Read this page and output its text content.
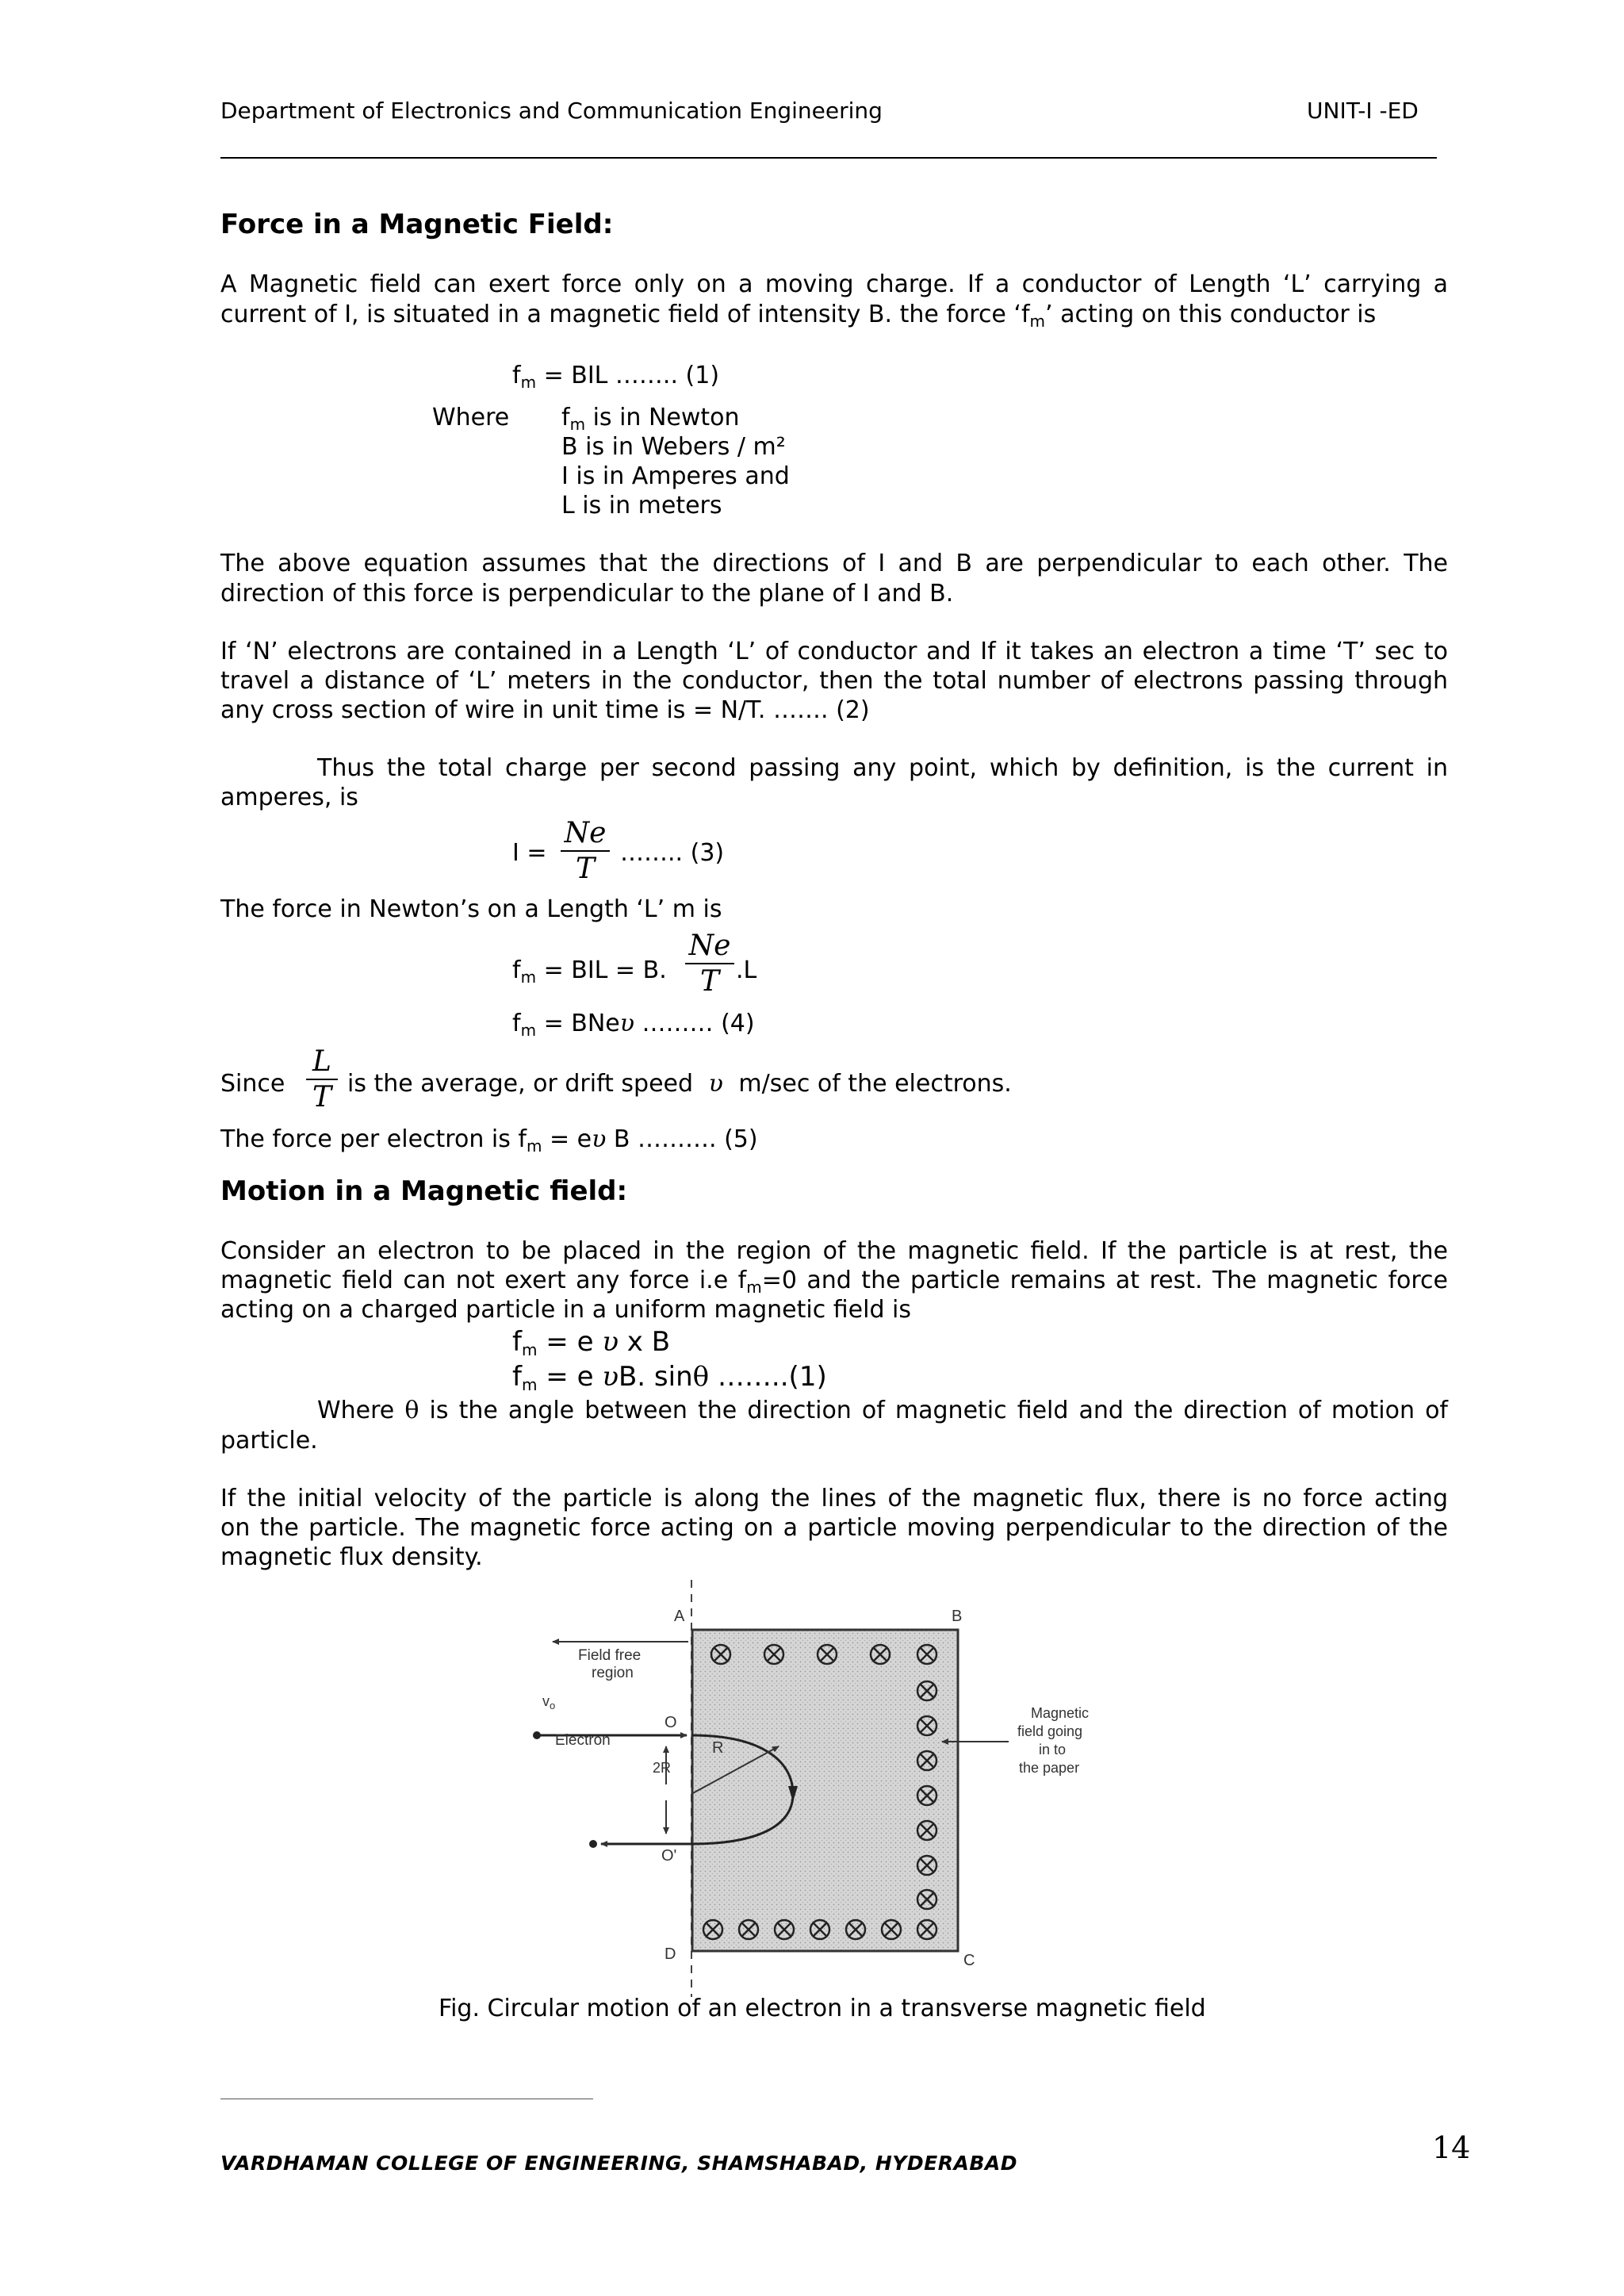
Department of Electronics and Communication Engineering	UNIT-I -ED
Force in a Magnetic Field:
A Magnetic field can exert force only on a moving charge. If a conductor of Length ‘L’ carrying a
current of I, is situated in a magnetic field of intensity B. the force ‘$f_m$’ acting on this conductor is
$f_m$ = BIL …….. (1)
Where $f_m$ is in Newton
B is in Webers / m²
I is in Amperes and
L is in meters
The above equation assumes that the directions of I and B are perpendicular to each other. The
direction of this force is perpendicular to the plane of I and B.
If ‘N’ electrons are contained in a Length ‘L’ of conductor and If it takes an electron a time ‘T’ sec to
travel a distance of ‘L’ meters in the conductor, then the total number of electrons passing through
any cross section of wire in unit time is = N/T. ……. (2)
Thus the total charge per second passing any point, which by definition, is the current in
amperes, is
$I = \frac{Ne}{T}$ …….. (3)
The force in Newton’s on a Length ‘L’ m is
$f_m$ = BIL = B. $\frac{Ne}{T} .L$
$f_m = BNe\upsilon$ ……… (4)
Since $\frac{L}{T}$ is the average, or drift speed υ m/sec of the electrons.
The force per electron is $f_m = e\upsilon$ B ………. (5)
Motion in a Magnetic field:
Consider an electron to be placed in the region of the magnetic field. If the particle is at rest, the
magnetic field can not exert any force i.e $f_m=0$ and the particle remains at rest. The magnetic force
acting on a charged particle in a uniform magnetic field is
$f_m = e$ υ x B
$f_m = e$ υB. sinθ ……..(1)
Where θ is the angle between the direction of magnetic field and the direction of motion of
particle.
If the initial velocity of the particle is along the lines of the magnetic flux, there is no force acting
on the particle. The magnetic force acting on a particle moving perpendicular to the direction of the
magnetic flux density.
A	B
C
D
O
O'
R
2R
$v_o$
Field free
region
Electron
Magnetic
field going
in to
the paper
Fig. Circular motion of an electron in a transverse magnetic field
VARDHAMAN COLLEGE OF ENGINEERING, SHAMSHABAD, HYDERABAD	14
